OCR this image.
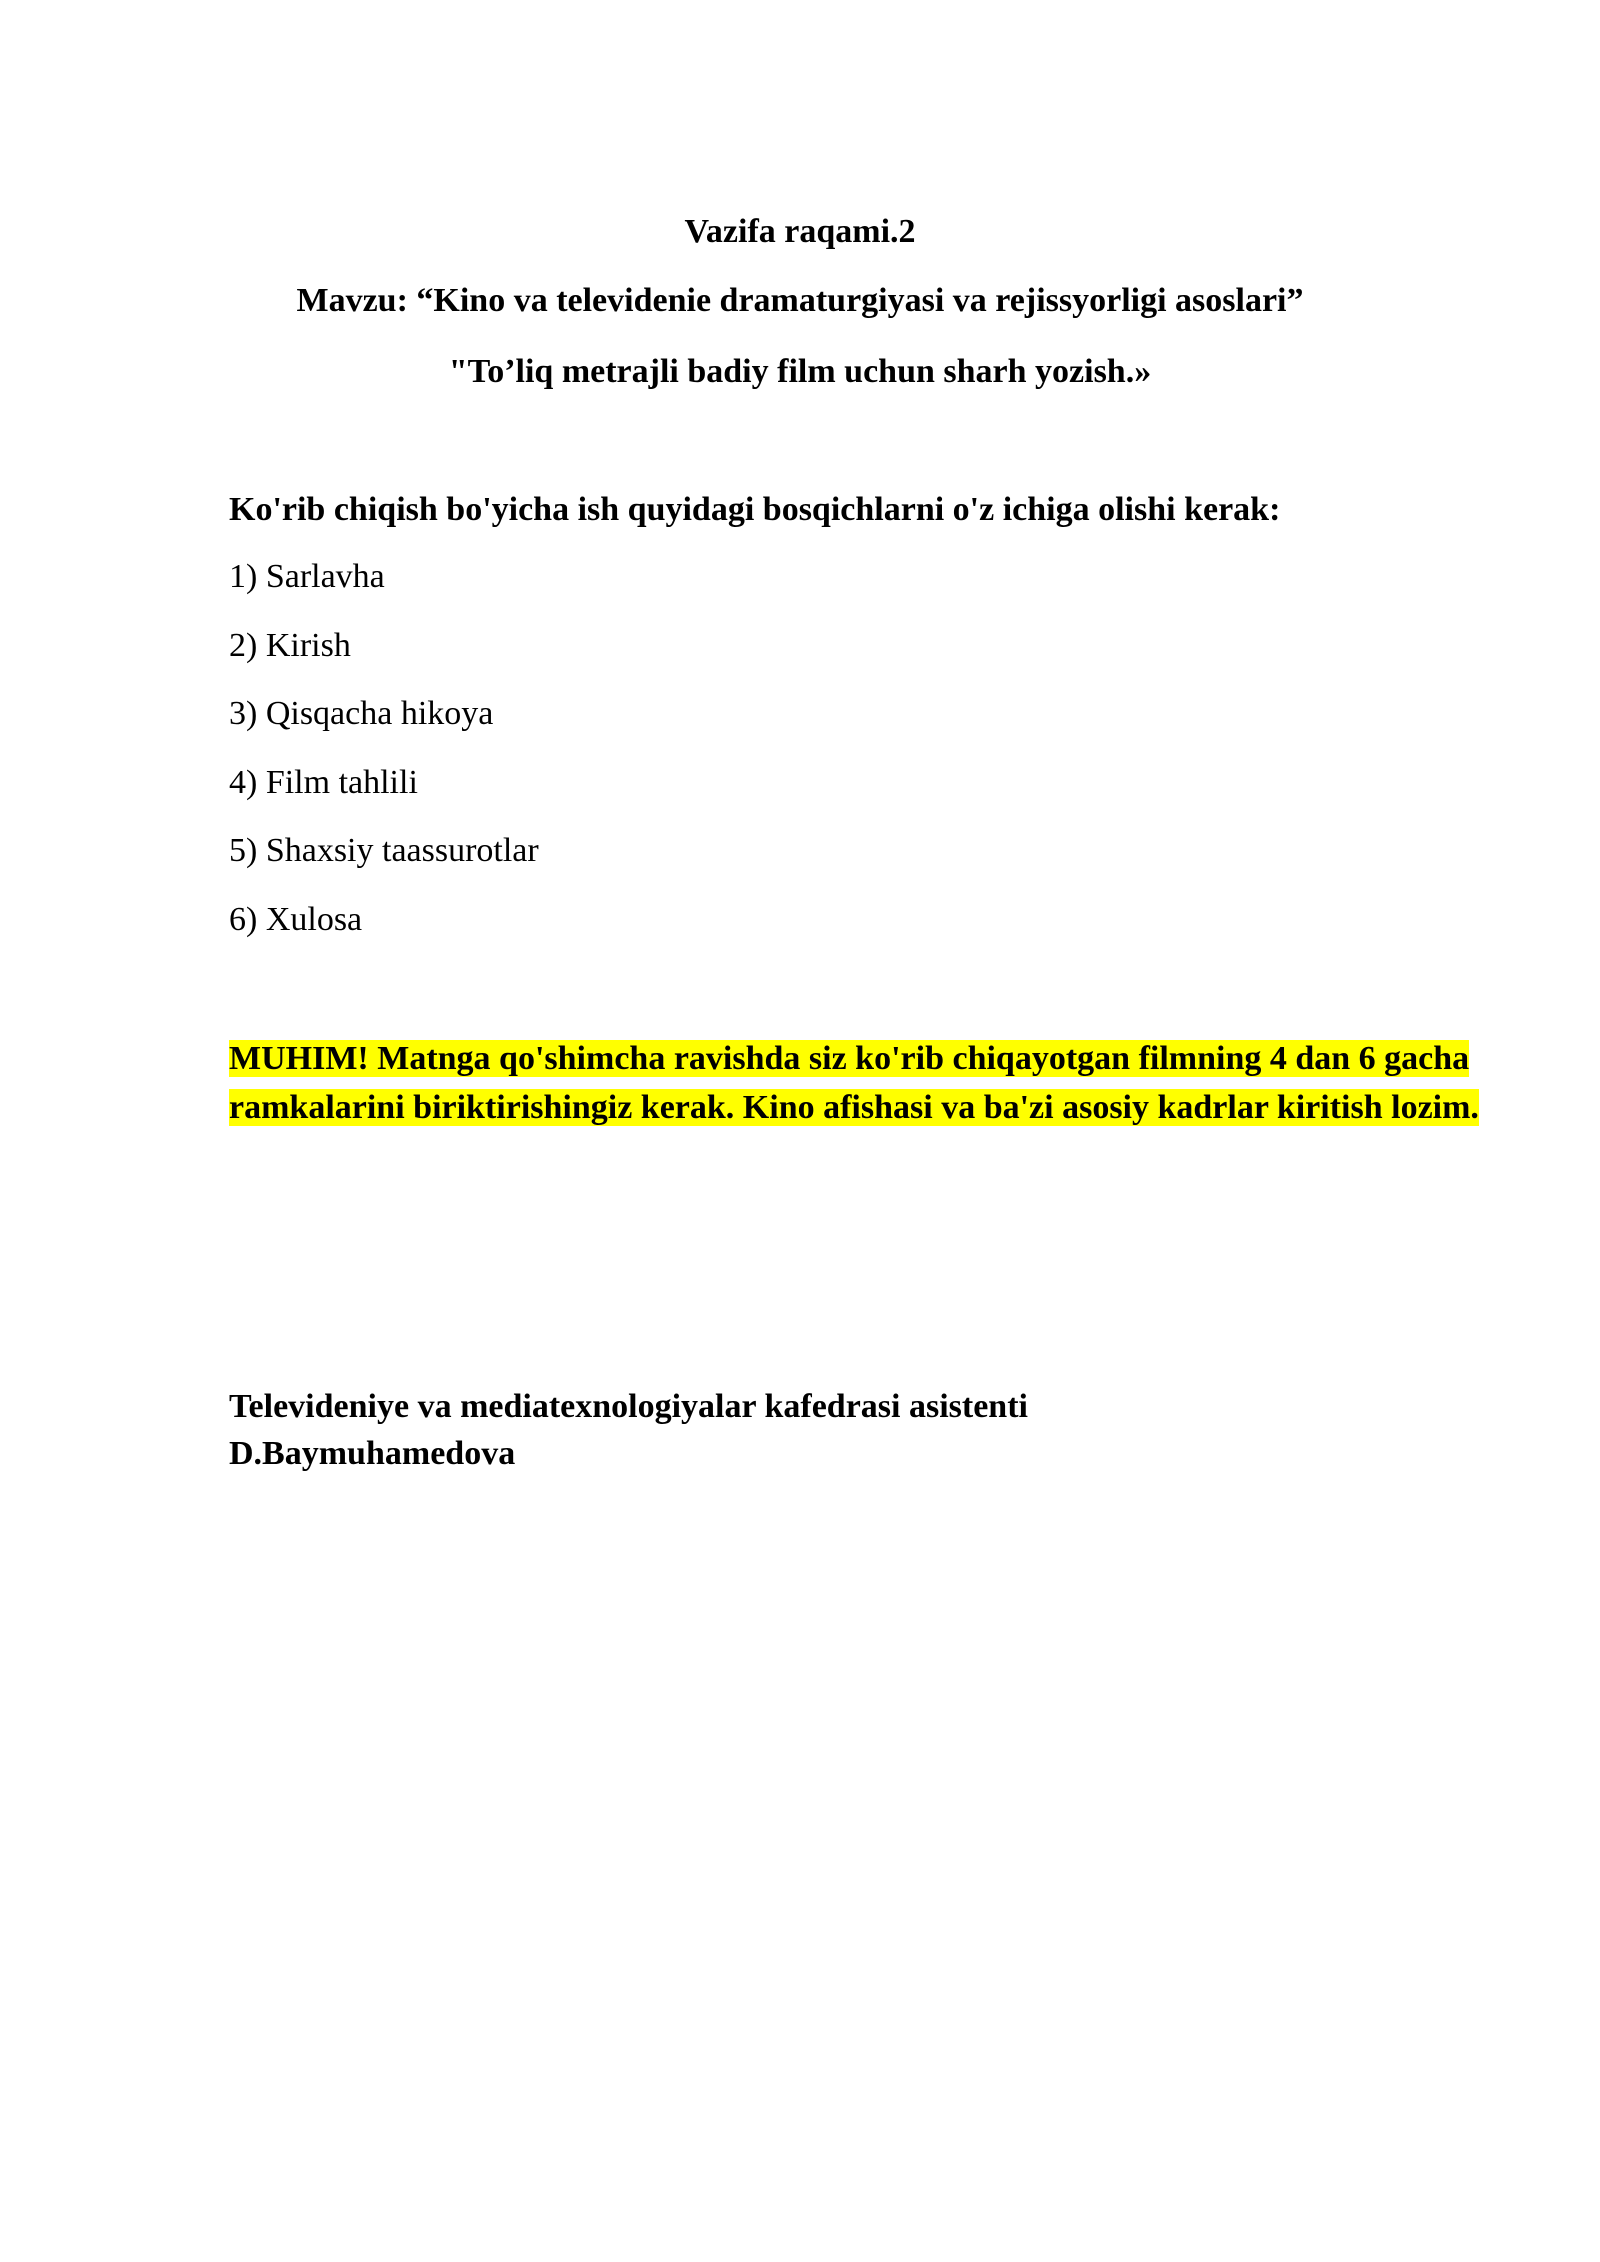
Vazifa raqami.2
Mavzu: “Kino va televidenie dramaturgiyasi va rejissyorligi asoslari”
"To’liq metrajli badiy film uchun sharh yozish.»
Ko'rib chiqish bo'yicha ish quyidagi bosqichlarni o'z ichiga olishi kerak:
1) Sarlavha
2) Kirish
3) Qisqacha hikoya
4) Film tahlili
5) Shaxsiy taassurotlar
6) Xulosa
MUHIM! Matnga qo'shimcha ravishda siz ko'rib chiqayotgan filmning 4 dan 6 gacha ramkalarini biriktirishingiz kerak. Kino afishasi va ba'zi asosiy kadrlar kiritish lozim.
Televideniye va mediatexnologiyalar kafedrasi asistenti
D.Baymuhamedova
